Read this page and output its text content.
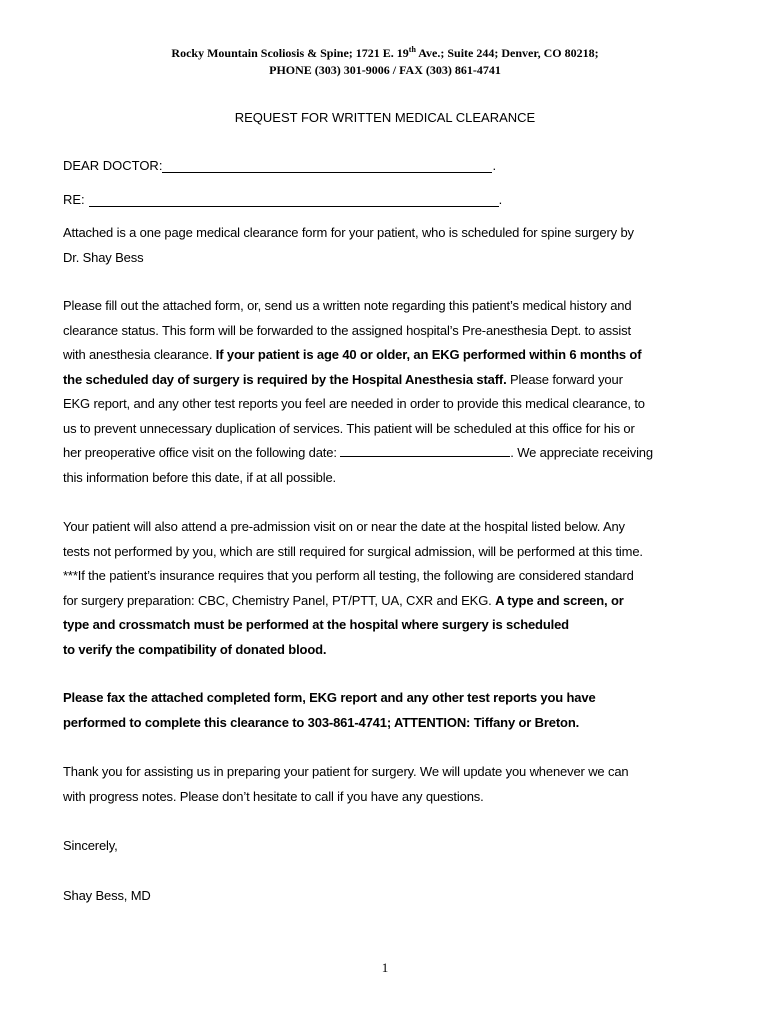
Rocky Mountain Scoliosis & Spine; 1721 E. 19th Ave.; Suite 244; Denver, CO 80218;
PHONE (303) 301-9006 / FAX (303) 861-4741
REQUEST FOR WRITTEN MEDICAL CLEARANCE
DEAR DOCTOR:	.
RE:	.
Attached is a one page medical clearance form for your patient, who is scheduled for spine surgery by
Dr. Shay Bess
Please fill out the attached form, or, send us a written note regarding this patient’s medical history and
clearance status. This form will be forwarded to the assigned hospital’s Pre-anesthesia Dept. to assist
with anesthesia clearance. If your patient is age 40 or older, an EKG performed within 6 months of
the scheduled day of surgery is required by the Hospital Anesthesia staff. Please forward your
EKG report, and any other test reports you feel are needed in order to provide this medical clearance, to
us to prevent unnecessary duplication of services. This patient will be scheduled at this office for his or
her preoperative office visit on the following date:	. We appreciate receiving
this information before this date, if at all possible.
Your patient will also attend a pre-admission visit on or near the date at the hospital listed below. Any
tests not performed by you, which are still required for surgical admission, will be performed at this time.
***If the patient’s insurance requires that you perform all testing, the following are considered standard
for surgery preparation: CBC, Chemistry Panel, PT/PTT, UA, CXR and EKG. A type and screen, or
type and crossmatch must be performed at the hospital where surgery is scheduled
to verify the compatibility of donated blood.
Please fax the attached completed form, EKG report and any other test reports you have
performed to complete this clearance to 303-861-4741; ATTENTION: Tiffany or Breton.
Thank you for assisting us in preparing your patient for surgery. We will update you whenever we can
with progress notes. Please don’t hesitate to call if you have any questions.
Sincerely,
Shay Bess, MD
1
